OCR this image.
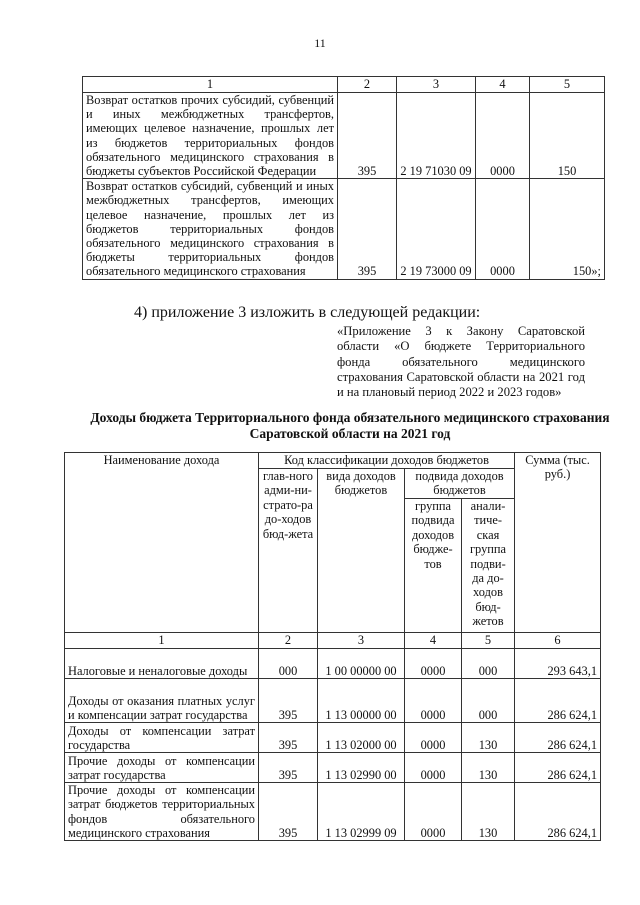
11
1	2	3	4	5
Возврат остатков прочих субсидий, субвенций и иных межбюджетных трансфертов, имеющих целевое назначение, прошлых лет из бюджетов территориальных фондов обязательного медицинского страхования в бюджеты субъектов Российской Федерации	395	2 19 71030 09	0000	150
Возврат остатков субсидий, субвенций и иных межбюджетных трансфертов, имеющих целевое назначение, прошлых лет из бюджетов территориальных фондов обязательного медицинского страхования в бюджеты территориальных фондов обязательного медицинского страхования	395	2 19 73000 09	0000	150»;
4) приложение 3 изложить в следующей редакции:
«Приложение 3 к Закону Саратовской области «О бюджете Территориального фонда обязательного медицинского страхования Саратовской области на 2021 год и на плановый период 2022 и 2023 годов»
Доходы бюджета Территориального фонда обязательного медицинского страхования
Саратовской области на 2021 год
Наименование дохода	Код классификации доходов бюджетов				Сумма (тыс. руб.)
	глав-ного адми-ни-страто-ра до-ходов бюд-жета	вида доходов бюджетов	подвида доходов бюджетов		
			группа подвида доходов бюдже-тов	анали-тиче-ская группа подви-да до-ходов бюд-жетов	
1	2	3	4	5	6
Налоговые и неналоговые доходы	000	1 00 00000 00	0000	000	293 643,1
Доходы от оказания платных услуг и компенсации затрат государства	395	1 13 00000 00	0000	000	286 624,1
Доходы от компенсации затрат государства	395	1 13 02000 00	0000	130	286 624,1
Прочие доходы от компенсации затрат государства	395	1 13 02990 00	0000	130	286 624,1
Прочие доходы от компенсации затрат бюджетов территориальных фондов обязательного медицинского страхования	395	1 13 02999 09	0000	130	286 624,1
